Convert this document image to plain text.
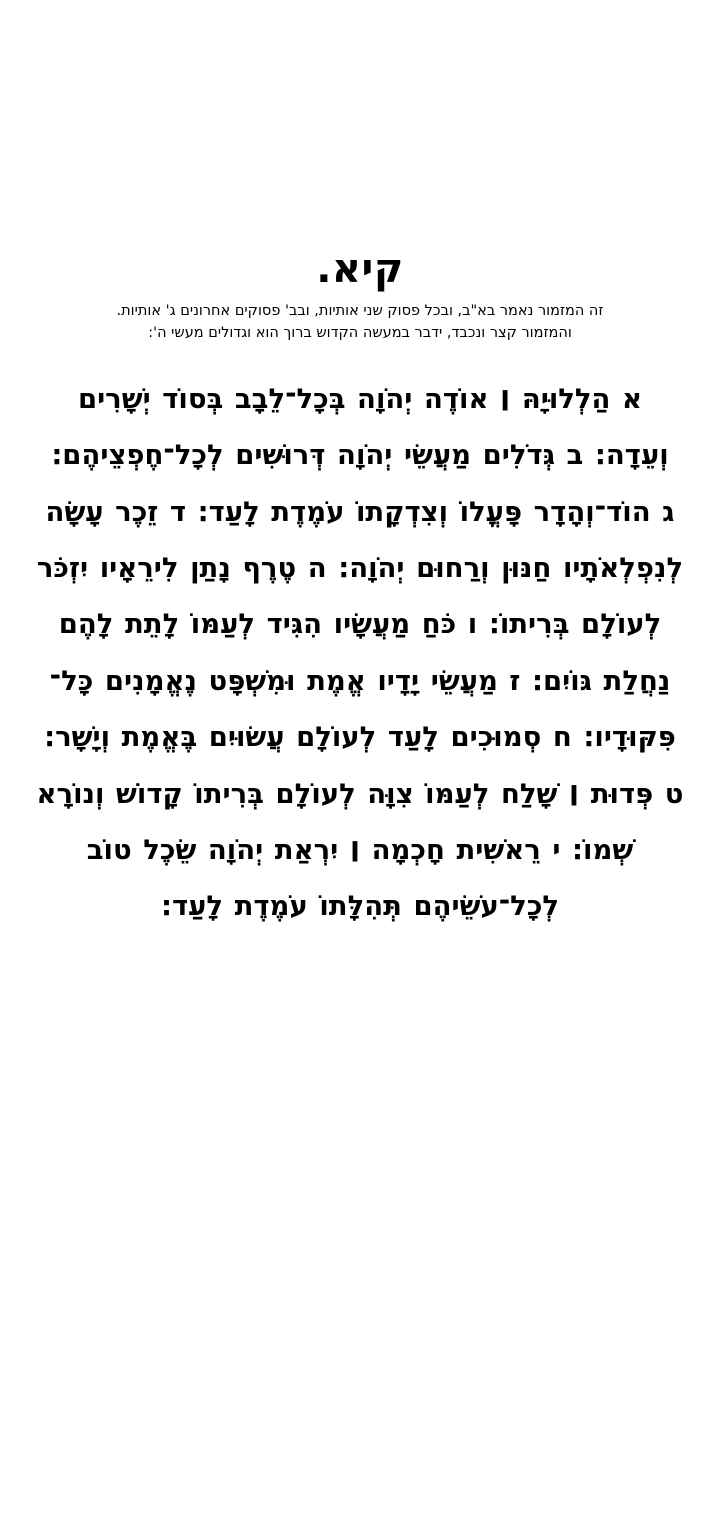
קיא.
זה המזמור נאמר בא"ב, ובכל פסוק שני אותיות, ובב' פסוקים אחרונים ג' אותיות.
והמזמור קצר ונכבד, ידבר במעשה הקדוש ברוך הוא וגדולים מעשי ה':
א הַלְלוּיָהּ ׀ אוֹדֶה יְהֹוָה בְּכָל־לֵבָב בְּסוֹד יְשָׁרִים
וְעֵדָה: ב גְּדֹלִים מַעֲשֵׂי יְהֹוָה דְּרוּשִׁים לְכָל־חֶפְצֵיהֶם:
ג הוֹד־וְהָדָר פָּעֳלוֹ וְצִדְקָתוֹ עֹמֶדֶת לָעַד: ד זֵכֶר עָשָׂה
לְנִפְלְאֹתָיו חַנּוּן וְרַחוּם יְהֹוָה: ה טֶרֶף נָתַן לִירֵאָיו יִזְכֹּר
לְעוֹלָם בְּרִיתוֹ: ו כֹּחַ מַעֲשָׂיו הִגִּיד לְעַמּוֹ לָתֵת לָהֶם
נַחֲלַת גּוֹיִם: ז מַעֲשֵׂי יָדָיו אֱמֶת וּמִשְׁפָּט נֶאֱמָנִים כָּל־
פִּקּוּדָיו: ח סְמוּכִים לָעַד לְעוֹלָם עֲשׂוּיִם בֶּאֱמֶת וְיָשָׁר:
ט פְּדוּת ׀ שָׁלַח לְעַמּוֹ צִוָּה לְעוֹלָם בְּרִיתוֹ קָדוֹשׁ וְנוֹרָא
שְׁמוֹ: י רֵאשִׁית חָכְמָה ׀ יִרְאַת יְהֹוָה שֵׂכֶל טוֹב
לְכָל־עֹשֵׂיהֶם תְּהִלָּתוֹ עֹמֶדֶת לָעַד:
